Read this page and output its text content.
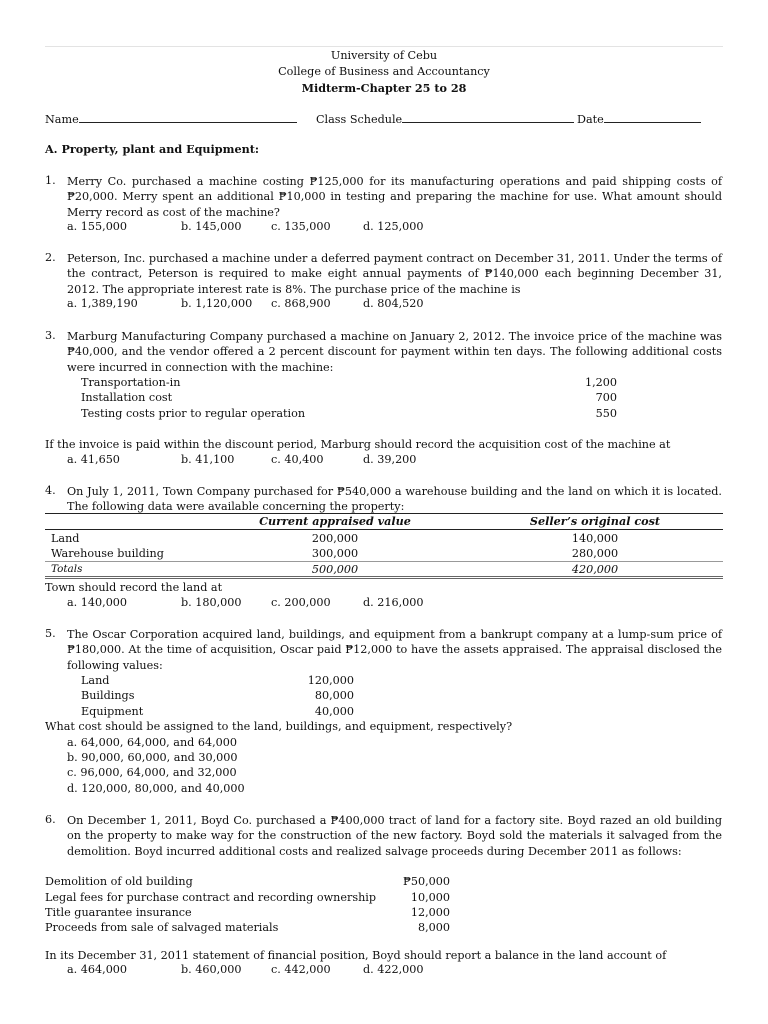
University of Cebu
College of Business and Accountancy
Midterm-Chapter 25 to 28
Name	Class Schedule	Date
A. Property, plant and Equipment:
1. Merry Co. purchased a machine costing ₱125,000 for its manufacturing operations and paid shipping costs of ₱20,000. Merry spent an additional ₱10,000 in testing and preparing the machine for use. What amount should Merry record as cost of the machine?
a. 155,000	b. 145,000	c. 135,000	d. 125,000
2. Peterson, Inc. purchased a machine under a deferred payment contract on December 31, 2011. Under the terms of the contract, Peterson is required to make eight annual payments of ₱140,000 each beginning December 31, 2012. The appropriate interest rate is 8%. The purchase price of the machine is
a. 1,389,190	b. 1,120,000 c. 868,900	d. 804,520
3. Marburg Manufacturing Company purchased a machine on January 2, 2012. The invoice price of the machine was ₱40,000, and the vendor offered a 2 percent discount for payment within ten days. The following additional costs were incurred in connection with the machine:
Transportation-in	1,200
Installation cost	700
Testing costs prior to regular operation	550
If the invoice is paid within the discount period, Marburg should record the acquisition cost of the machine at
a. 41,650	b. 41,100	c. 40,400	d. 39,200
4. On July 1, 2011, Town Company purchased for ₱540,000 a warehouse building and the land on which it is located. The following data were available concerning the property:
Current appraised value	Seller’s original cost
Land	200,000	140,000
Warehouse building	300,000	280,000
Totals	500,000	420,000
Town should record the land at
a. 140,000	b. 180,000	c. 200,000	d. 216,000
5. The Oscar Corporation acquired land, buildings, and equipment from a bankrupt company at a lump-sum price of ₱180,000. At the time of acquisition, Oscar paid ₱12,000 to have the assets appraised. The appraisal disclosed the following values:
Land	120,000
Buildings	80,000
Equipment	40,000
What cost should be assigned to the land, buildings, and equipment, respectively?
a. 64,000, 64,000, and 64,000
b. 90,000, 60,000, and 30,000
c. 96,000, 64,000, and 32,000
d. 120,000, 80,000, and 40,000
6. On December 1, 2011, Boyd Co. purchased a ₱400,000 tract of land for a factory site. Boyd razed an old building on the property to make way for the construction of the new factory. Boyd sold the materials it salvaged from the demolition. Boyd incurred additional costs and realized salvage proceeds during December 2011 as follows:
Demolition of old building	₱50,000
Legal fees for purchase contract and recording ownership	10,000
Title guarantee insurance	12,000
Proceeds from sale of salvaged materials	8,000
In its December 31, 2011 statement of financial position, Boyd should report a balance in the land account of
a. 464,000	b. 460,000	c. 442,000	d. 422,000
